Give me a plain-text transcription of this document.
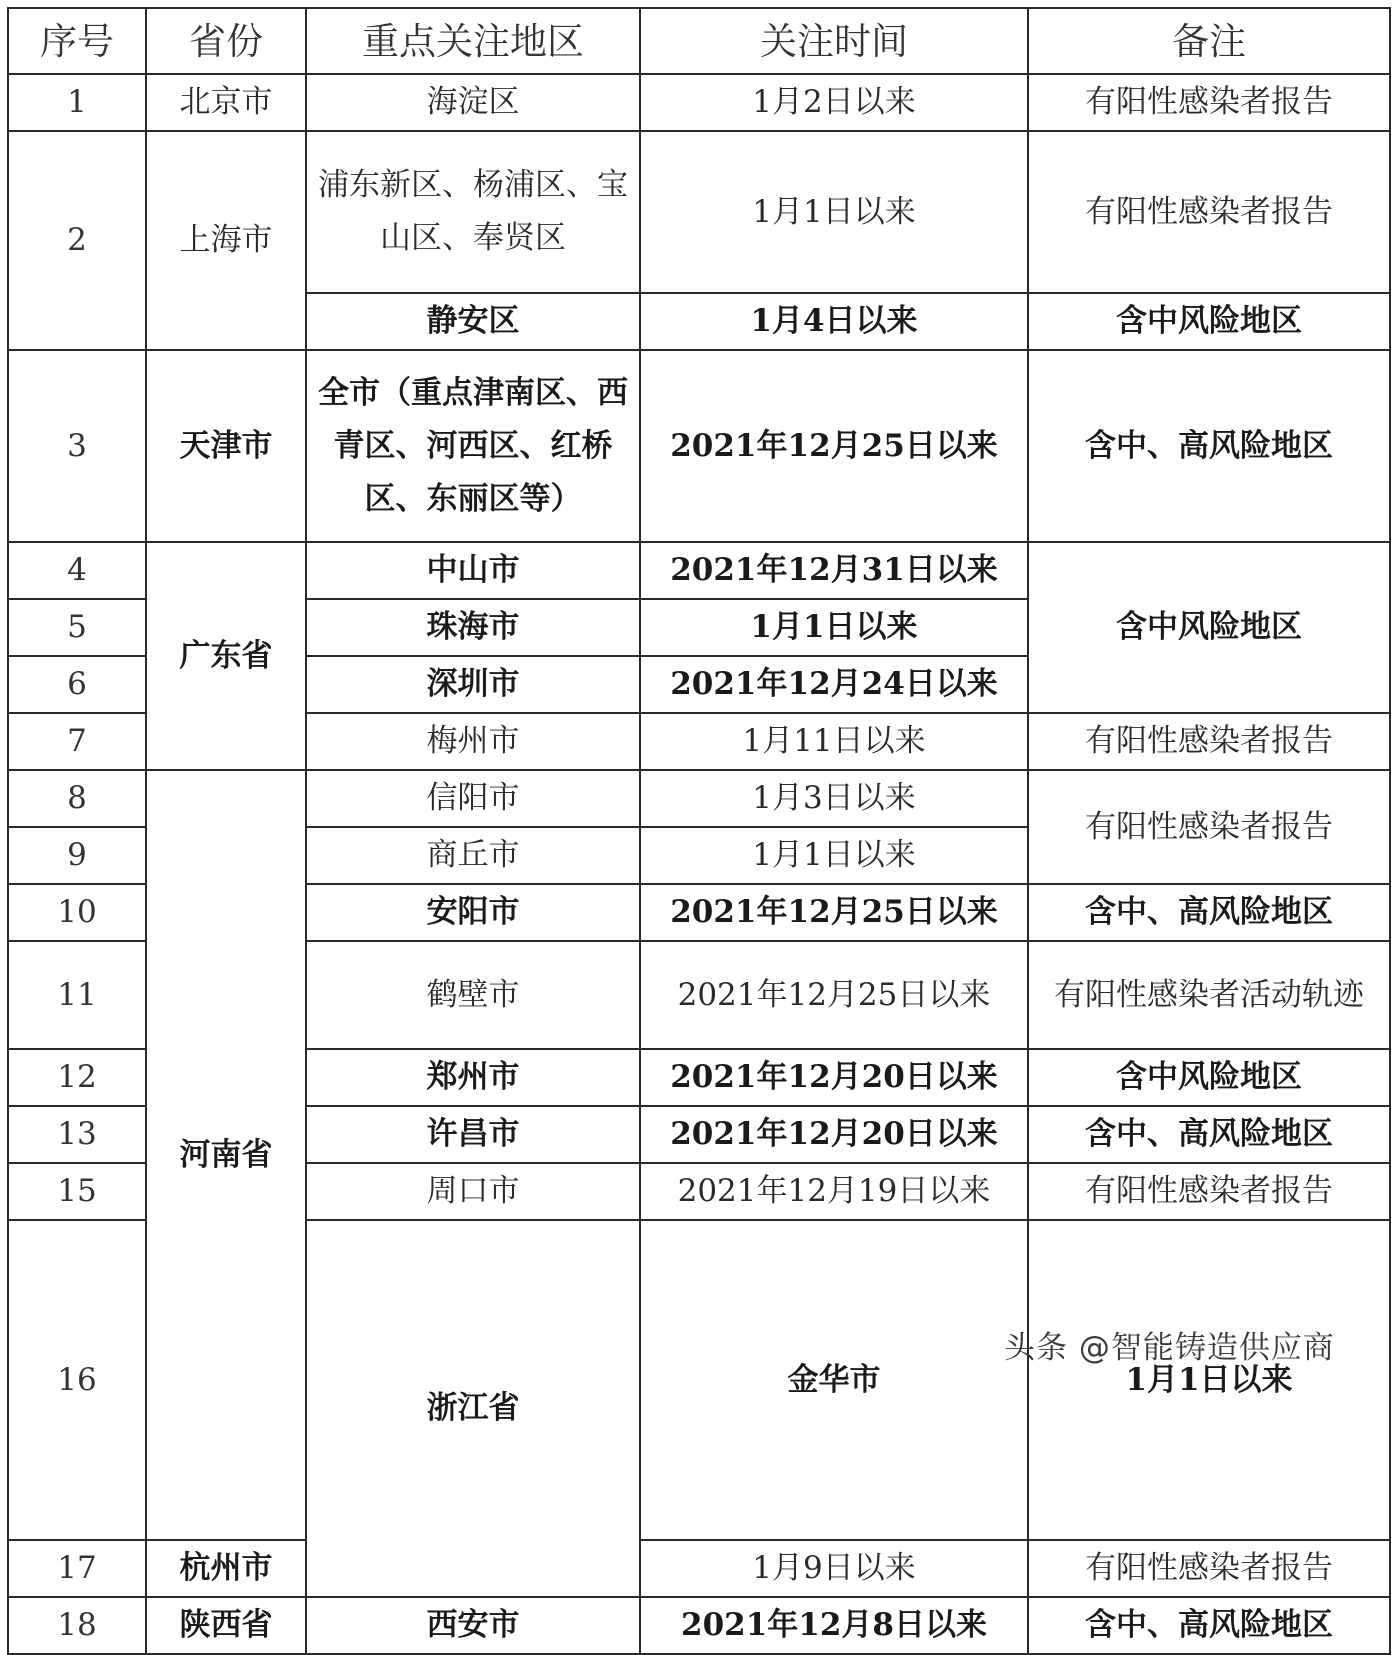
序号	省份	重点关注地区	关注时间	备注	
1	北京市	海淀区	1月2日以来	有阳性感染者报告	
2	上海市	浦东新区、杨浦区、宝山区、奉贤区	1月1日以来	有阳性感染者报告	
		静安区	1月4日以来	含中风险地区	
3	天津市	全市（重点津南区、西青区、河西区、红桥区、东丽区等）	2021年12月25日以来	含中、高风险地区	
4	广东省	中山市	2021年12月31日以来	含中风险地区	
5		珠海市	1月1日以来		
6		深圳市	2021年12月24日以来		
7		梅州市	1月11日以来	有阳性感染者报告	
8	河南省	信阳市	1月3日以来	有阳性感染者报告	
9		商丘市	1月1日以来		
10		安阳市	2021年12月25日以来	含中、高风险地区	
11		鹤壁市	2021年12月25日以来	有阳性感染者活动轨迹	
12		郑州市	2021年12月20日以来	含中风险地区	
13		许昌市	2021年12月20日以来	含中、高风险地区	
15		周口市	2021年12月19日以来	有阳性感染者报告	
16		浙江省	金华市	1月1日以来	
17	杭州市		1月9日以来	有阳性感染者报告	
18	陕西省	西安市	2021年12月8日以来	含中、高风险地区	
头条 @智能铸造供应商
